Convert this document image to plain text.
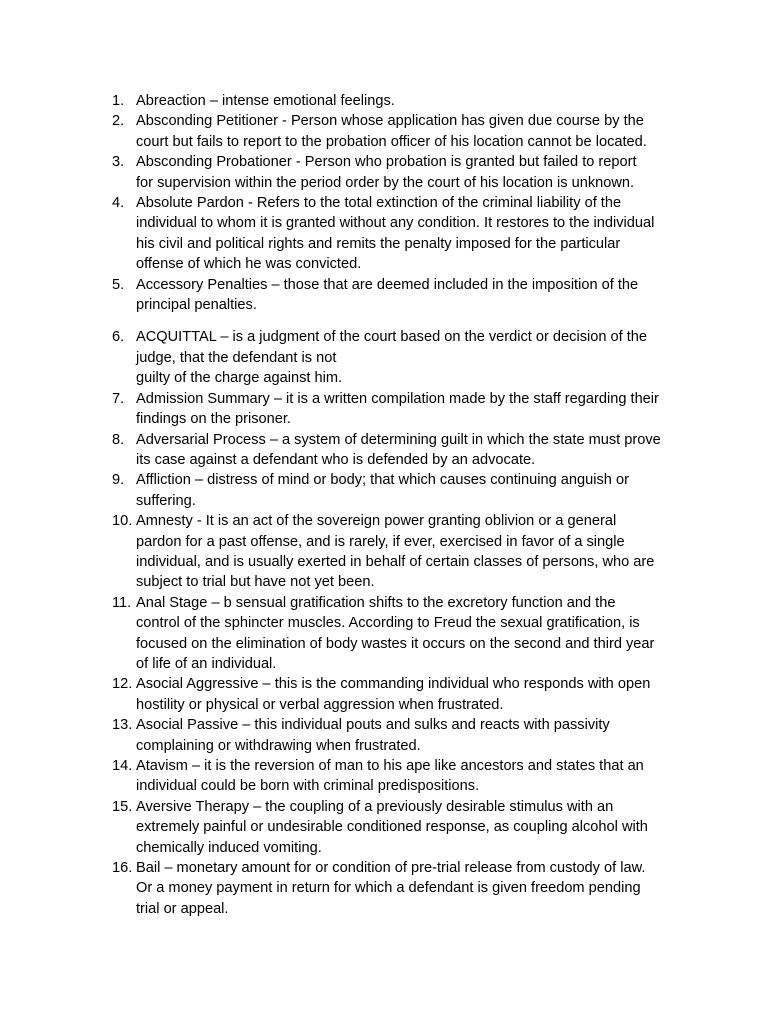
1. Abreaction – intense emotional feelings.
2. Absconding Petitioner - Person whose application has given due course by the
court but fails to report to the probation officer of his location cannot be located.
3. Absconding Probationer - Person who probation is granted but failed to report
for supervision within the period order by the court of his location is unknown.
4. Absolute Pardon - Refers to the total extinction of the criminal liability of the
individual to whom it is granted without any condition. It restores to the individual
his civil and political rights and remits the penalty imposed for the particular
offense of which he was convicted.
5. Accessory Penalties – those that are deemed included in the imposition of the
principal penalties.
6. ACQUITTAL – is a judgment of the court based on the verdict or decision of the
judge, that the defendant is not
guilty of the charge against him.
7. Admission Summary – it is a written compilation made by the staff regarding their
findings on the prisoner.
8. Adversarial Process – a system of determining guilt in which the state must prove
its case against a defendant who is defended by an advocate.
9. Affliction – distress of mind or body; that which causes continuing anguish or
suffering.
10. Amnesty - It is an act of the sovereign power granting oblivion or a general
pardon for a past offense, and is rarely, if ever, exercised in favor of a single
individual, and is usually exerted in behalf of certain classes of persons, who are
subject to trial but have not yet been.
11. Anal Stage – b sensual gratification shifts to the excretory function and the
control of the sphincter muscles. According to Freud the sexual gratification, is
focused on the elimination of body wastes it occurs on the second and third year
of life of an individual.
12. Asocial Aggressive – this is the commanding individual who responds with open
hostility or physical or verbal aggression when frustrated.
13. Asocial Passive – this individual pouts and sulks and reacts with passivity
complaining or withdrawing when frustrated.
14. Atavism – it is the reversion of man to his ape like ancestors and states that an
individual could be born with criminal predispositions.
15. Aversive Therapy – the coupling of a previously desirable stimulus with an
extremely painful or undesirable conditioned response, as coupling alcohol with
chemically induced vomiting.
16. Bail – monetary amount for or condition of pre-trial release from custody of law.
Or a money payment in return for which a defendant is given freedom pending
trial or appeal.
